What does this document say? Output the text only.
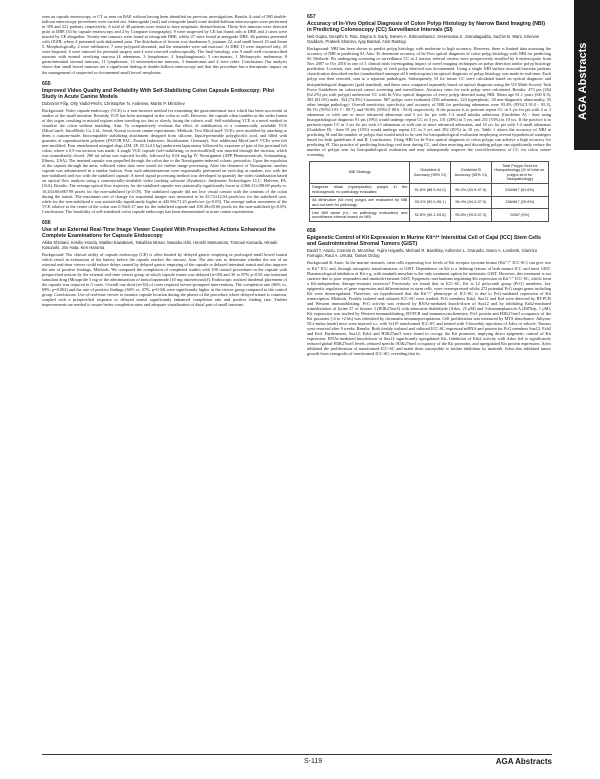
AGA Abstracts

seen on capsule enteroscopy or CT or seen on BAE without having been identified on previous investigations. Results A total of 580 double-balloon enteroscopy procedures were carried out. Anterograde (oral) and retrograde (anal) route double-balloon enteroscopies were performed in 359 and 221 patients, respectively. A total of 48 patients were found to have neoplastic disease/lesions. Thirty-five tumours were detected prior to DBE (33 by capsule enteroscopy and 2 by Computer tomography), 9 were suspected by CE but found only at DBE and 2 cases were missed by CE altogether. Twenty-one tumours were found at retrograde DBE, whilst 27 were found at antegrade DBE. 46 patients presented with OGIB, where 2 presented with abdominal pain. The distribution of lesions was duodenum 5, jejunum 22, mid small bowel 10 and ileum 5. Morphologically, 2 were infiltrative, 7 were polypoid/ulcerated, and the remainder were sub mucosal. At DBE 13 were inspected only, 25 were biopsied, 6 were tattooed for potential surgery and 4 were resected endoscopically. The final histology was 9 small well-circumscribed tumours with normal overlying mucosa (4 adenomas, 3 lymphomas, 2 lymphangiomas), 5 carcinomas, 1 Melanocytic melanoma, 8 gastrointestinal stromal tumours, 11 lymphomas, 13 neuroendocrine tumours, 3 hamartomas and 4 were other. Conclusions Our analysis shows that small bowel tumours are a significant finding at double-balloon enteroscopy and that this procedure has a therapeutic impact on the management of suspected or documented small bowel neoplasms.

655
Improved Video Quality and Reliability With Self-Stabilizing Colon Capsule Endoscopy: Pilot Study in Acute Canine Models
Dobromir Filip, Orly Yadid-Pecht, Christopher N. Andrews, Martin P. Mintchev

Background: Video capsule endoscopy (VCE) is a non-invasive method for examining the gastrointestinal tract which has been successful in studies of the small intestine. Recently VCE has been attempted in the colon as well. However, the capsule often tumbles in the wider lumen of this organ, resulting in missed regions when traveling too fast or slowly facing the colonic wall. Self-stabilizing VCE is a novel method to visualize the colon without tumbling. Aim: To comparatively evaluate the effect of stabilization of a commercially available VCE (MiroCam®, IntroMedic Co. Ltd., Seoul, Korea) in acute canine experiments. Methods: Two MiroCam® VCEs were modified by attaching to them a custom-made, biocompatible stabilizing attachment designed from silicone, liquid-permeable polyglycolic acid, and filled with granules of superabsorbent polymer (FAVOR PAC, Evonik Industries, Stockhausen, Germany). Two additional MiroCam® VCEs were left non-modified. Four anesthetized mongrel dogs (2M, 2F, 25.3±4.5 kg) underwent laparotomy followed by exposure of part of the proximal left colon, where a 0.5-cm incision was made. A single VCE capsule (self-stabilizing, or non-modified) was inserted through the incision, which was immediately closed. 200 ml saline was injected locally, followed by 0.04 mg/kg IV Neostigmine (APP Pharmaceuticals, Schaumburg, Illinois, USA). The inserted capsule was propelled through the colon due to the Neostigmine-induced colonic peristalsis. Upon the expulsion of the capsule through the anus, collected video data were stored for further image processing. After the clearance of Neostigmine, another capsule was administered in a similar fashion. Four such administrations were sequentially performed on each dog at random, two with the non-stabilized and two with the stabilized capsule. A novel signal processing method was developed to quantify the video stabilization based on optical flow analysis using a commercially-available video tracking software (Synthetyx: Andreasen Technologies LLC, Malvern, PA, USA). Results: The average optical flow trajectory for the stabilized capsule was statistically significantly lower at 4.066.21±188.69 pixels vs. 10,434.66±867.98 pixels for the non-stabilized (p<0.05). The stabilized capsule did not lose visual contact with the contents of the colon during the transit. The maximum rate of change for sequential images was measured to be 43.72±12.04 pixels/sec for the stabilized case, while for the non-stabilized it was statistically significantly higher at 445.96±71.23 pixels/sec (p<0.05). The average radius movement of the VCE relative to the center of the colon was 0.94±0.27 mm for the stabilized capsule and 100.38±49.66 pixels for the non-stabilized (p<0.05). Conclusions: The feasibility of self-stabilized colon capsule endoscopy has been demonstrated in acute canine experiments.

656
Use of an External Real-Time Image Viewer Coupled With Prespecified Actions Enhanced the Complete Examinations for Capsule Endoscopy
Akiko Shiotani, Kimiko Honda, Makiko Kawakami, Takahisa Murao, Manabu Ishii, Hiroshi Matsumoto, Tomoari Kamada, Hiroaki Kusunoki, Jiro Hata, Ken Haruma

Background: The clinical utility of capsule endoscopy (CE) is often limited by delayed gastric emptying or prolonged small bowel transit which result in exhaustion of the battery before the capsule reaches the caecum. Aim: The aim was to determine whether the use of an external real-time viewer could reduce delays caused by delayed gastric emptying of the capsule or delayed intestinal transit and also improve the rate of positive findings. Methods: We compared the completion of completed studies with 100 control procedures in the capsule with prespecified actions by the external real-time viewer group in which capsule transit was delayed (n=49) and 36 vs 87% p<0.05 one intestinal stimulant drug (Mosapride 5 mg or the administration of metoclopramide (10 mg intravenously)). Endoscopic assisted duodenal placement of the capsule was required in 3 cases. Overall one third (n=33) of cases required viewer-prompted interventions. The completion rate (86% vs. 69%, p=0.002) and the rate of positive findings (60% vs. 47%, p=0.04) were significantly higher in the viewer group compared to the control group. Conclusions: Use of real-time viewer to monitor capsule location during the phases of the procedure where delayed transit is common, coupled with a prespecified response to delayed transit significantly enhanced completion rate and positive finding rate. Further improvements are needed to assure better completion rates and adequate visualization of distal part of small intestine.

657
Accuracy of In-Vivo Optical Diagnosis of Colon Polyp Histology by Narrow Band Imaging (NBI) in Predicting Colonoscopy (CC) Surveillance Intervals (SI)
Neil Gupta, Deepthi S. Rao, Dayna S. Early, Steven A. Edmundowicz, Sreenivasa S. Jonnalagadda, Sachin B. Wani, Srinivas Gaddam, Prateek Sharma, Ajay Bansal, Amit Rastogi

Background: NBI has been shown to predict polyp histology with moderate to high accuracy. However, there is limited data assessing the accuracy of NBI in predicting SI. Aim: To determine accuracy of In-Vivo optical diagnosis of colon polyp histology with NBI for predicting SI. Methods: Pts undergoing screening or surveillance CC at 2 tertiary referral centers were prospectively enrolled by 6 endoscopists from Nov 2007 to Oct 2010 in one of 3 clinical trials investigating impact of novel imaging techniques on polyp detection and/or polyp histology prediction. Location, size, and morphology of each polyp detected was documented. Using a single NBI surface mucosal/vascular patterns classification described earlier (standardized amongst all 6 endoscopists) an optical diagnosis of polyp histology was made in real-time. Each polyp was then resected, sent to a separate pathologist. Subsequently, SI for future CC were calculated based on optical diagnosis and histopathological diagnosis (gold standard), and these were compared separately based on optical diagnosis using the US Multi-Society Task Force Guidelines on colorectal cancer screening and surveillance. Accuracy rates for each polyp were calculated. Results: 473 pts (264 (62.2%) pts with polyps) underwent CC with In-Vivo optical diagnosis of every polyp detected using NBI. Mean age 61.1 years (SD 8.3), 383 (81.0%) male, 354 (74.8%) Caucasian. 867 polyps were evaluated (356 adenomas, 224 hyperplastic, 30 non-diagnostic abnormality, 35 other benign pathology). Overall sensitivity, specificity, and accuracy of NBI for predicting adenomas were 93.4% (95%CI 91.0 - 95.3), 86.1% (95%CI 81.7 - 89.7), and 90.8% (95%CI 88.6 - 92.6) respectively. If the practice is to perform repeat CC in 3 yrs for pts with 2 or 3 adenomas or with one or more advanced adenomas and 5 yrs for pts with 1-2 small tubular adenomas (Guideline A) - then using histopathological diagnosis 91 pts (19%) would undergo repeat CC in 3 yrs, 131 (28%) in 5 yrs, and 251 (53%) in 10 yrs. If the practice is to perform repeat CC in 3 yrs for pts with ≥3 adenomas or with one or more advanced adenomas, and 10 yrs for pts with 1-2 small adenomas (Guideline B) - then 91 pts (19%) would undergo repeat CC in 3 yrs and 382 (81%) in 10 yrs. Table 1 shows the accuracy of NBI in predicting SI and the number of polyps that would need to be sent for histopathological evaluation employing several hypothetical strategies based for both guidelines A and B. Conclusions: Using NBI for In-Vivo optical diagnosis of colon polyps can achieve a high accuracy for predicting SI. This practice of predicting histology real time during CC, and then resecting and discarding polyps can significantly reduce the number of polyps sent for histopathological evaluation and may subsequently improve the cost-effectiveness of CC for colon cancer screening.

NBI Strategy	Guideline A Accuracy (95% CI)	Guideline B Accuracy (95% CI)	Total Polyps Sent for Histopathology (% of total no. polyps sent for histopathology)
Diagnose distal (hyperplastic) polyps in the rectosigmoid, no pathology evaluated	91.8% (88.9-94.0)	96.2% (93.9-97.6)	534/867 (61.6%)
All diminutive (≤5 mm) polyps are evaluated by NBI and not sent for pathology	93.2% (90.5-95.1)	96.4% (94.2-97.9)	258/867 (29.8%)
Use NBI alone (i.e., no pathology evaluation) and surveillance interval based on NBI	92.8% (90.1-94.8)	95.8% (93.5-97.3)	0/867 (0%)
658
Epigenetic Control of Kit Expression in Murine Kit⁺/⁺ Interstitial Cell of Cajal (ICC) Stem Cells and Gastrointestinal Stromal Tumors (GIST)
David T. Asuzu, Cosmin D. McArthur, Yujiro Hayashi, Michael R. Bardsley, Adrienne L. Granado, Gwen A. Lomberk, Gianrico Farrugia, Raul A. Urrutia, Tamas Ordog

Background & Aims: In the murine stomach, stem cells expressing low levels of Kit receptor tyrosine kinase (Kit⁺/⁺ ICC-SC) can give rise to Kit⁺ ICC and, through oncogenic transformation, to GIST. Dependence on Kit is a defining feature of both mature ICC and most GIST. Pharmacological inhibition of Kit e.g. with imatinib mesylate is the only treatment option for metastatic GIST. However, this treatment is not curative due to poor responders and imatinib-resistant GIST. Epigenetic mechanisms regulating Kit expression in Kit⁺/⁺ ICC-SC, which form a Kit-independent, therapy-resistant reservoir? Previously we found that in ICC-SC, Kit is 12 polycomb group (PcG) members, key epigenetic regulators of gene expression and differentiation in stem cells, were overexpressed whilst 272 potential PcG target genes including Kit were downregulated. Therefore, we hypothesized that the Kit⁺/⁺ phenotype of ICC-SC is due to PcG-mediated repression of Kit transcription. Methods: Freshly isolated and cultured ICC-SC were studied. PcG members Ezh2, Suz12 and Eed were detected by RT-PCR and Western immunoblotting. PcG activity was reduced by RNAi-mediated knock-down of Suz12 and by inhibiting Ezh2-mediated trimethylation of lysine 27 of histone 3 (H3K27me3) with adenosine dialdehyde (Adox, 25 μM) and 3-deazaneplanocin A (DZNep, 1 μM). Kit expression was studied by Western immunoblotting, RT-PCR and immunocytochemistry. PcG protein and H3K27me3 occupancy of the Kit promoter (-4 to +2 kb) was identified by chromatin immunoprecipitation. Cell proliferation was measured by MTS absorbance. Athymic NCr-nu/nu (nude) mice were injected s.c. with 5x10⁶ transformed ICC-SC and treated with 3 biweekly injections of Adox or vehicle. Tumors were resected after 9 weeks. Results: Both freshly isolated and cultured ICC-SC expressed mRNA and protein for PcG members Suz12, Ezh2 and Eed. Furthermore, Suz12, Ezh2 and H3K27me3 were found to occupy the Kit promoter, implying direct epigenetic control of Kit expression. RNAi-mediated knockdown of Suz12 significantly upregulated Kit. Inhibition of Ezh2 activity with Adox led to significantly reduced global H3K27me3 levels, reduced specific H3K27me3 occupancy of the Kit promoter, and upregulated Kit protein expression. Adox inhibited the proliferation of transformed ICC-SC and made them susceptible to further inhibition by imatinib. Adox also inhibited tumor growth from xenografts of transformed ICC-SC, revealing that its

S-119	AGA Abstracts
